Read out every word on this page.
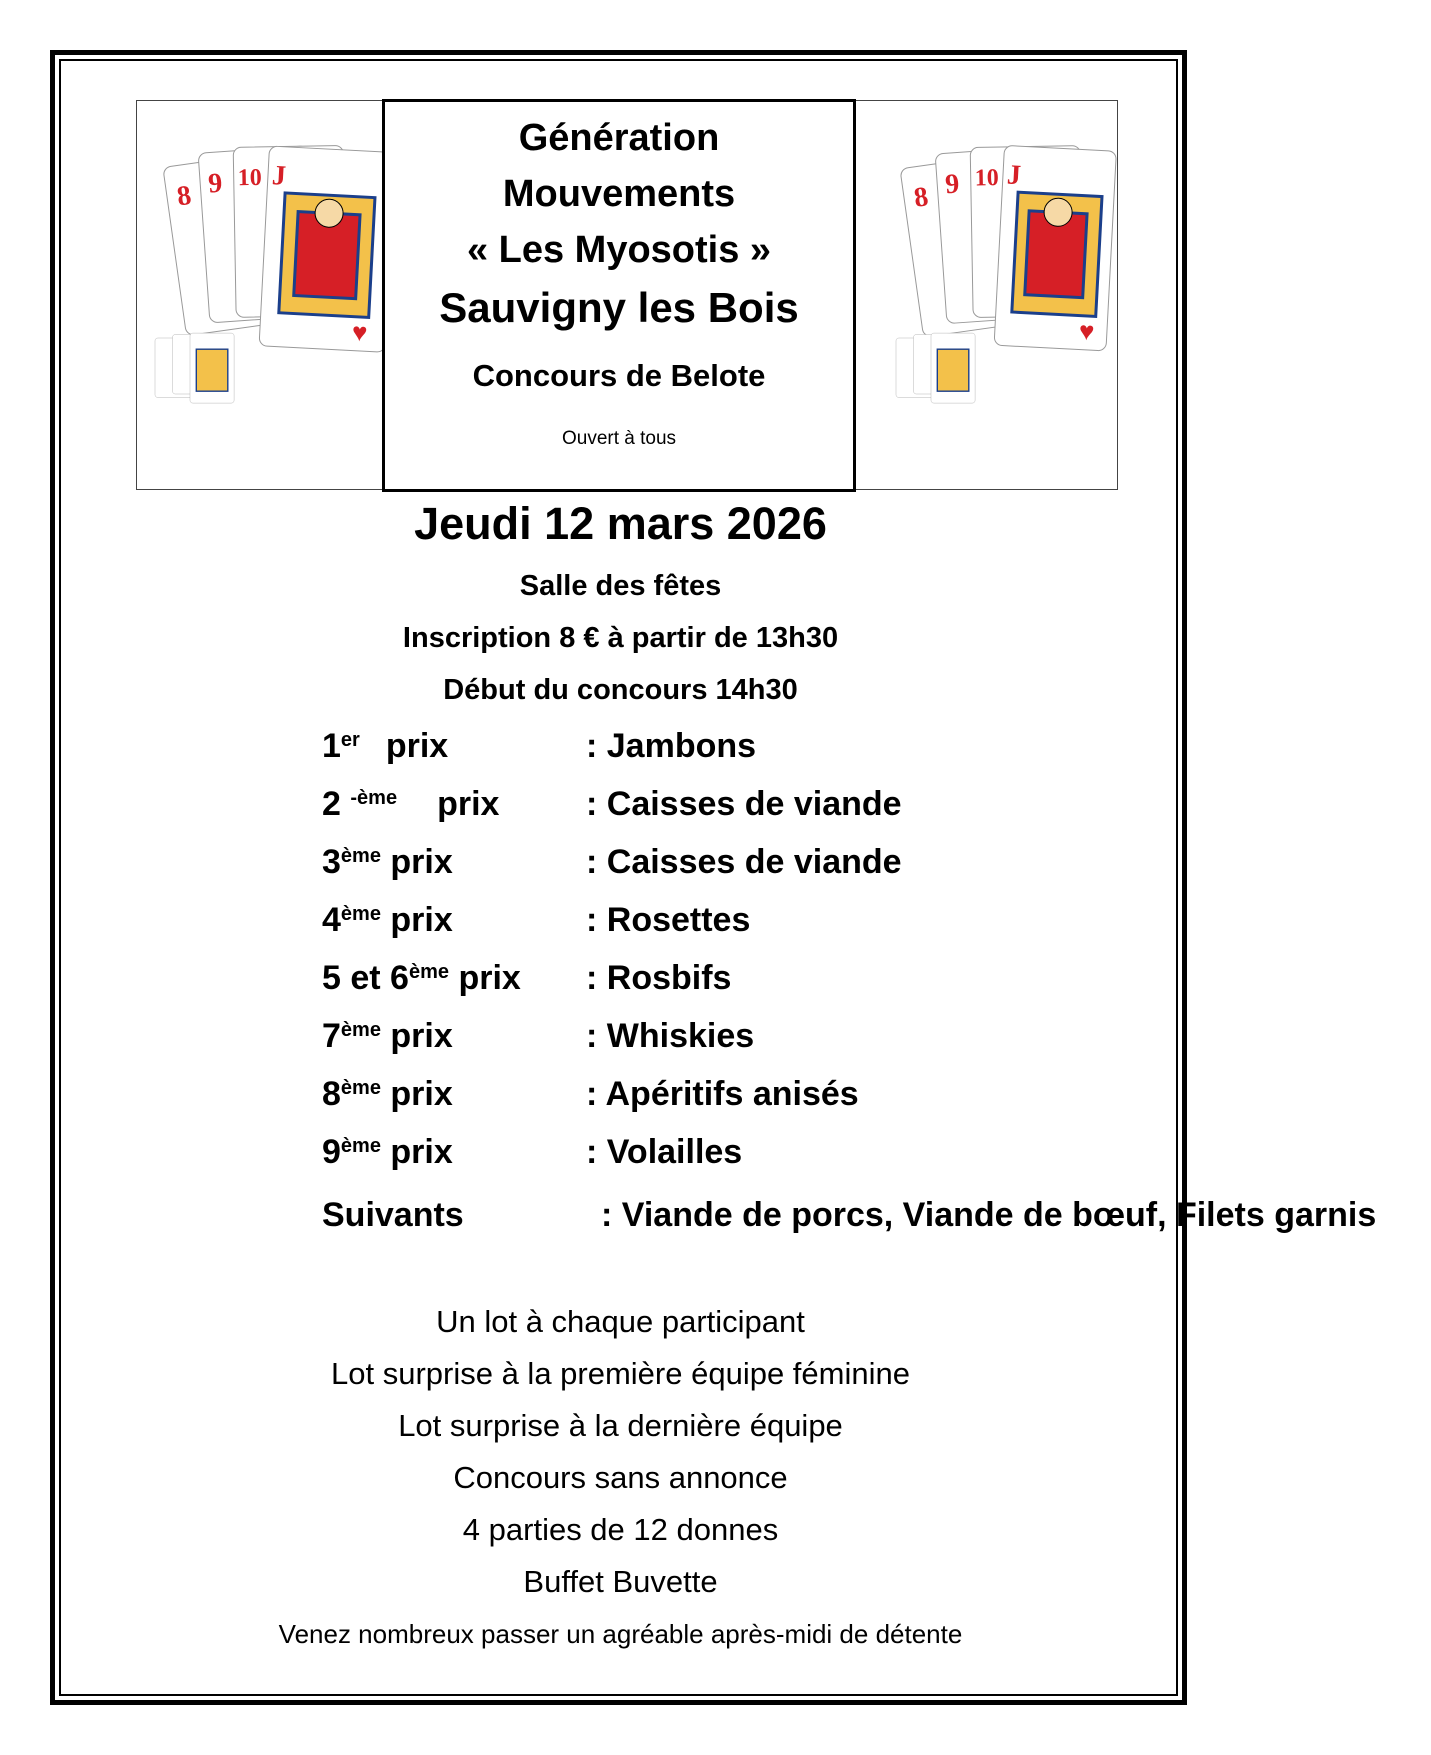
8 9 10 J
♥

Génération

Mouvements

« Les Myosotis »

Sauvigny les Bois

Concours de Belote
Ouvert à tous
8 9 10 J
♥
Jeudi 12 mars 2026
Salle des fêtes
Inscription 8 € à partir de 13h30
Début du concours 14h30
1er prix	: Jambons
2 $^{-ème}$ prix	: Caisses de viande
3ème prix	: Caisses de viande
4ème prix	: Rosettes
5 et 6ème prix : Rosbifs
7ème prix	: Whiskies
8ème prix	: Apéritifs anisés
9ème prix	: Volailles
Suivants	: Viande de porcs, Viande de bœuf, Filets garnis
Un lot à chaque participant
Lot surprise à la première équipe féminine
Lot surprise à la dernière équipe
Concours sans annonce
4 parties de 12 donnes
Buffet Buvette
Venez nombreux passer un agréable après-midi de détente
